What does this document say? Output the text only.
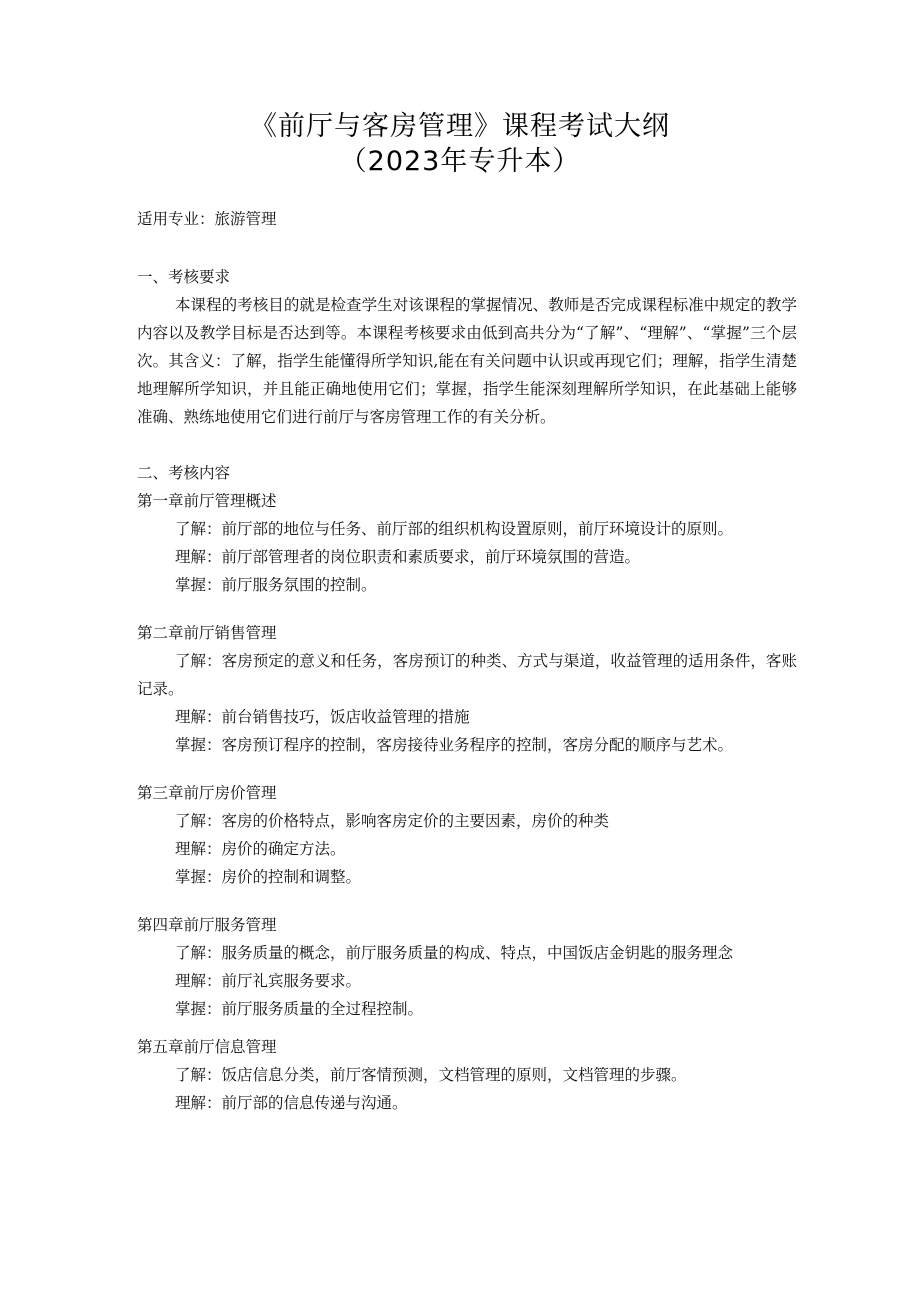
《前厅与客房管理》课程考试大纲
（2023年专升本）
适用专业：旅游管理
一、考核要求

本课程的考核目的就是检查学生对该课程的掌握情况、教师是否完成课程标准中规定的教学内容以及教学目标是否达到等。本课程考核要求由低到高共分为“了解”、“理解”、“掌握”三个层次。其含义：了解，指学生能懂得所学知识,能在有关问题中认识或再现它们；理解，指学生清楚地理解所学知识，并且能正确地使用它们；掌握，指学生能深刻理解所学知识，在此基础上能够准确、熟练地使用它们进行前厅与客房管理工作的有关分析。

二、考核内容
第一章前厅管理概述
了解：前厅部的地位与任务、前厅部的组织机构设置原则，前厅环境设计的原则。
理解：前厅部管理者的岗位职责和素质要求，前厅环境氛围的营造。
掌握：前厅服务氛围的控制。
第二章前厅销售管理

了解：客房预定的意义和任务，客房预订的种类、方式与渠道，收益管理的适用条件，客账记录。

理解：前台销售技巧，饭店收益管理的措施
掌握：客房预订程序的控制，客房接待业务程序的控制，客房分配的顺序与艺术。
第三章前厅房价管理
了解：客房的价格特点，影响客房定价的主要因素，房价的种类
理解：房价的确定方法。
掌握：房价的控制和调整。
第四章前厅服务管理
了解：服务质量的概念，前厅服务质量的构成、特点，中国饭店金钥匙的服务理念
理解：前厅礼宾服务要求。
掌握：前厅服务质量的全过程控制。
第五章前厅信息管理
了解：饭店信息分类，前厅客情预测，文档管理的原则，文档管理的步骤。
理解：前厅部的信息传递与沟通。
